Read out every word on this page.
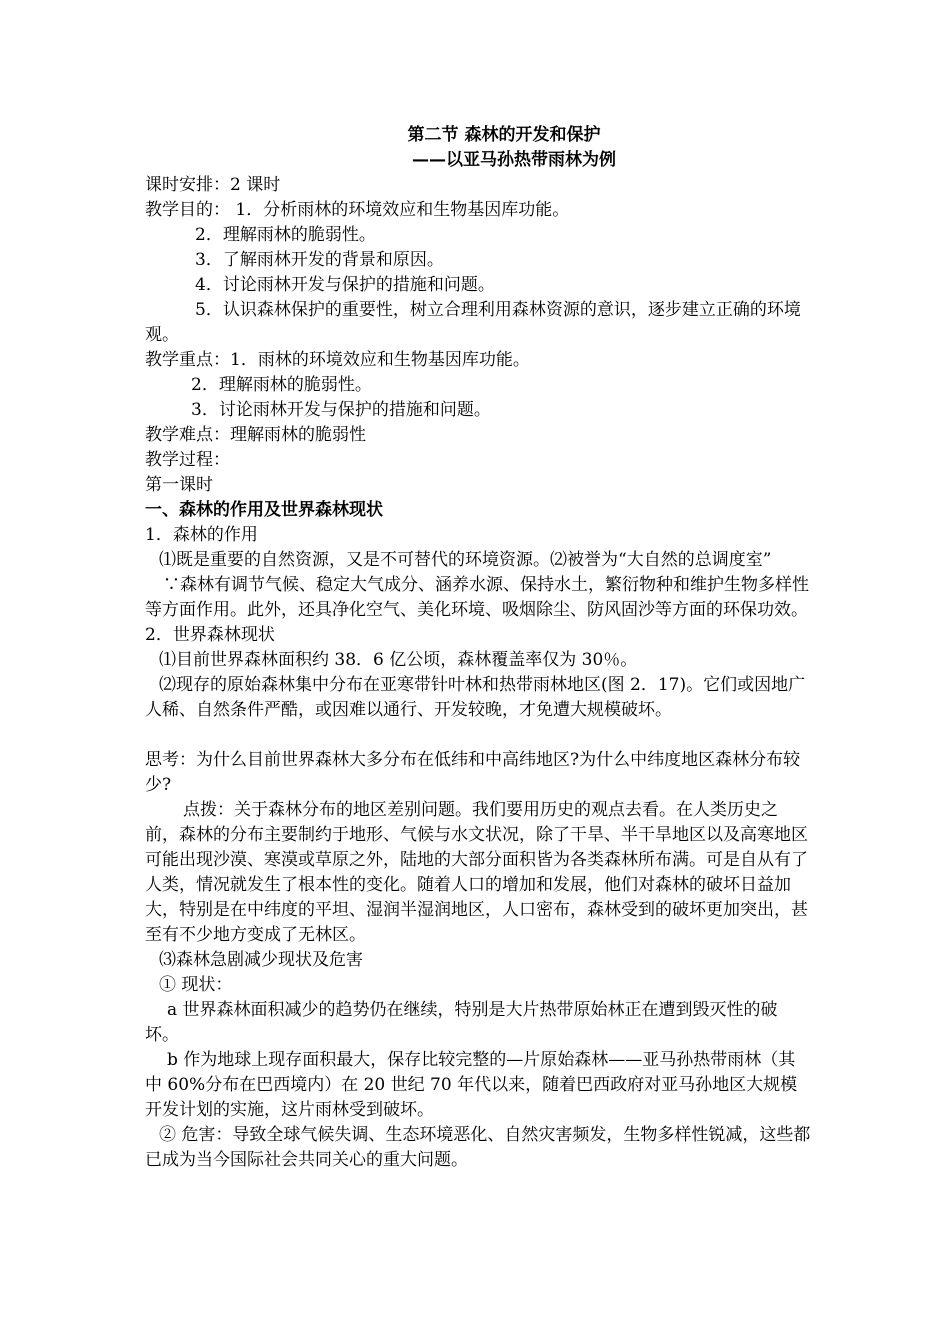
第二节 森林的开发和保护
——以亚马孙热带雨林为例

课时安排：2 课时

教学目的： 1．分析雨林的环境效应和生物基因库功能。

2．理解雨林的脆弱性。

3．了解雨林开发的背景和原因。

4．讨论雨林开发与保护的措施和问题。

5．认识森林保护的重要性，树立合理利用森林资源的意识，逐步建立正确的环境观。

教学重点：1．雨林的环境效应和生物基因库功能。

2．理解雨林的脆弱性。

3．讨论雨林开发与保护的措施和问题。

教学难点：理解雨林的脆弱性

教学过程：

第一课时

一、森林的作用及世界森林现状

1．森林的作用

⑴既是重要的自然资源，又是不可替代的环境资源。⑵被誉为“大自然的总调度室”

∵森林有调节气候、稳定大气成分、涵养水源、保持水土，繁衍物种和维护生物多样性等方面作用。此外，还具净化空气、美化环境、吸烟除尘、防风固沙等方面的环保功效。

2．世界森林现状

⑴目前世界森林面积约 38．6 亿公顷，森林覆盖率仅为 30％。

⑵现存的原始森林集中分布在亚寒带针叶林和热带雨林地区(图 2．17)。它们或因地广人稀、自然条件严酷，或因难以通行、开发较晚，才免遭大规模破坏。

思考：为什么目前世界森林大多分布在低纬和中高纬地区?为什么中纬度地区森林分布较少?

点拨：关于森林分布的地区差别问题。我们要用历史的观点去看。在人类历史之前，森林的分布主要制约于地形、气候与水文状况，除了干旱、半干旱地区以及高寒地区可能出现沙漠、寒漠或草原之外，陆地的大部分面积皆为各类森林所布满。可是自从有了人类，情况就发生了根本性的变化。随着人口的增加和发展，他们对森林的破坏日益加大，特别是在中纬度的平坦、湿润半湿润地区，人口密布，森林受到的破坏更加突出，甚至有不少地方变成了无林区。

⑶森林急剧减少现状及危害

① 现状：

a 世界森林面积减少的趋势仍在继续，特别是大片热带原始林正在遭到毁灭性的破坏。

b 作为地球上现存面积最大，保存比较完整的—片原始森林——亚马孙热带雨林（其中 60%分布在巴西境内）在 20 世纪 70 年代以来，随着巴西政府对亚马孙地区大规模开发计划的实施，这片雨林受到破坏。

② 危害：导致全球气候失调、生态环境恶化、自然灾害频发，生物多样性锐减，这些都已成为当今国际社会共同关心的重大问题。
